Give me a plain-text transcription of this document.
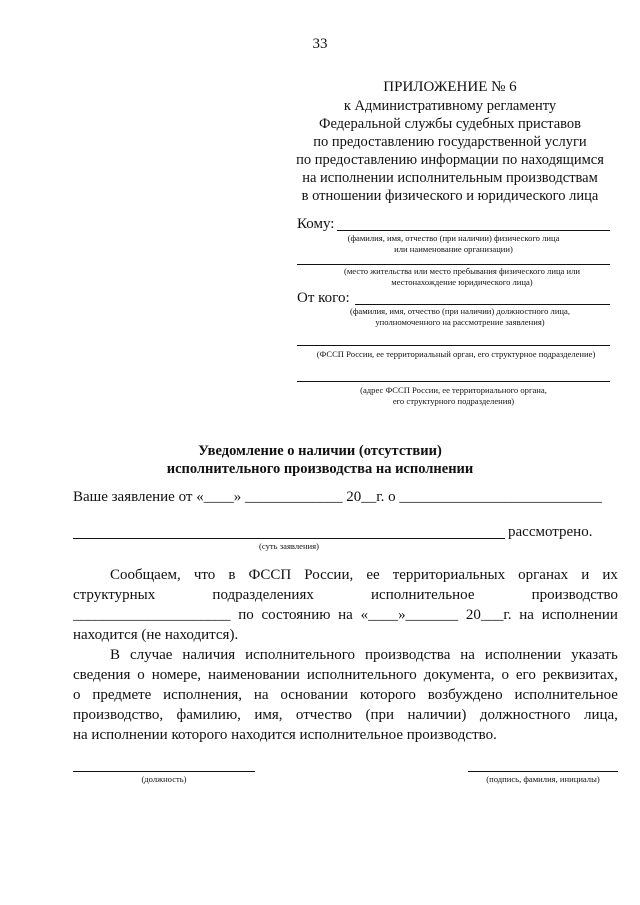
33
ПРИЛОЖЕНИЕ № 6
к Административному регламенту
Федеральной службы судебных приставов
по предоставлению государственной услуги
по предоставлению информации по находящимся
на исполнении исполнительным производствам
в отношении физического и юридического лица
Кому:
(фамилия, имя, отчество (при наличии) физического лица
или наименование организации)
(место жительства или место пребывания физического лица или
местонахождение юридического лица)
От кого:
(фамилия, имя, отчество (при наличии) должностного лица,
уполномоченного на рассмотрение заявления)
(ФССП России, ее территориальный орган, его структурное подразделение)
(адрес ФССП России, ее территориального органа,
его структурного подразделения)
Уведомление о наличии (отсутствии)
исполнительного производства на исполнении
Ваше заявление от «____» _____________ 20__г. о ___________________________
рассмотрено.
(суть заявления)
Сообщаем, что в ФССП России, ее территориальных органах и их
структурных	подразделениях	исполнительное	производство
_____________________ по состоянию на «____»_______ 20___г. на исполнении
находится (не находится).
В случае наличия исполнительного производства на исполнении указать
сведения о номере, наименовании исполнительного документа, о его реквизитах,
о предмете исполнения, на основании которого возбуждено исполнительное
производство, фамилию, имя, отчество (при наличии) должностного лица,
на исполнении которого находится исполнительное производство.
(должность)	(подпись, фамилия, инициалы)
